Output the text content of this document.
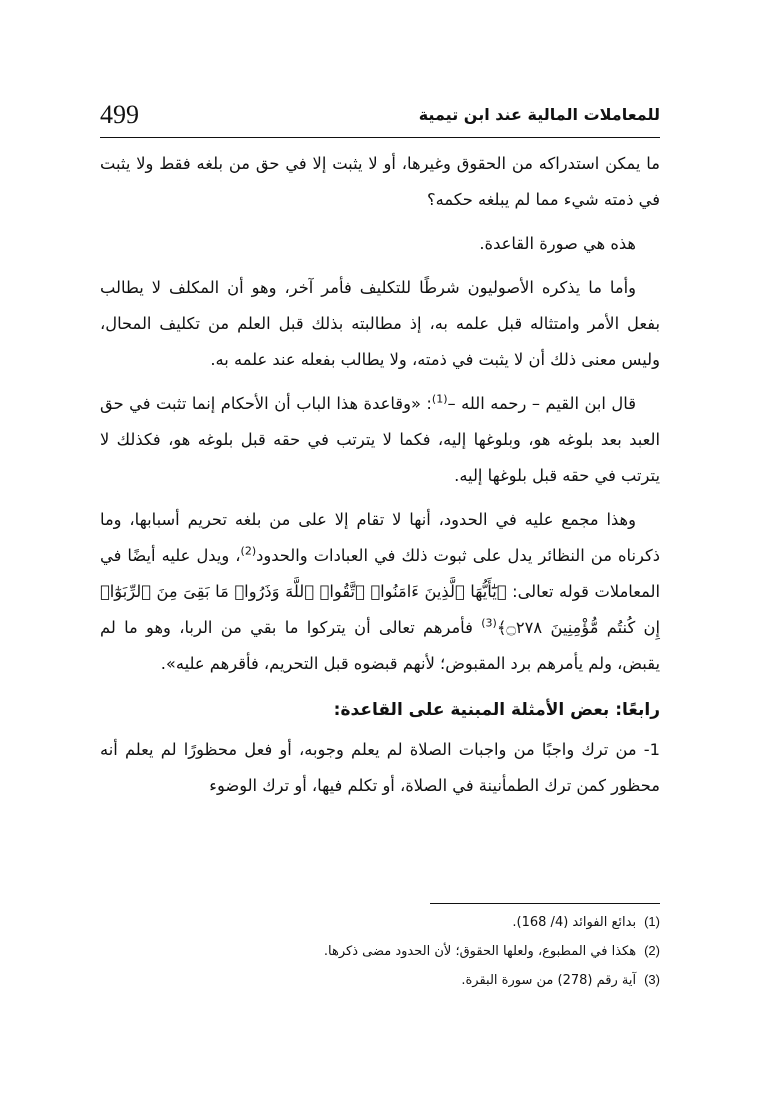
499	للمعاملات المالية عند ابن تيمية

ما يمكن استدراكه من الحقوق وغيرها، أو لا يثبت إلا في حق من بلغه فقط ولا يثبت في ذمته شيء مما لم يبلغه حكمه؟

هذه هي صورة القاعدة.

وأما ما يذكره الأصوليون شرطًا للتكليف فأمر آخر، وهو أن المكلف لا يطالب بفعل الأمر وامتثاله قبل علمه به، إذ مطالبته بذلك قبل العلم من تكليف المحال، وليس معنى ذلك أن لا يثبت في ذمته، ولا يطالب بفعله عند علمه به.

قال ابن القيم – رحمه الله –$^{(1)}$: «وقاعدة هذا الباب أن الأحكام إنما تثبت في حق العبد بعد بلوغه هو، وبلوغها إليه، فكما لا يترتب في حقه قبل بلوغه هو، فكذلك لا يترتب في حقه قبل بلوغها إليه.

وهذا مجمع عليه في الحدود، أنها لا تقام إلا على من بلغه تحريم أسبابها، وما ذكرناه من النظائر يدل على ثبوت ذلك في العبادات والحدود$^{(2)}$، ويدل عليه أيضًا في المعاملات قوله تعالى: ﴿يَٰٓأَيُّهَا ٱلَّذِينَ ءَامَنُوا۟ ٱتَّقُوا۟ ٱللَّهَ وَذَرُوا۟ مَا بَقِىَ مِنَ ٱلرِّبَوٰٓا۟ إِن كُنتُم مُّؤْمِنِينَ ۝٢٧٨﴾$^{(3)}$ فأمرهم تعالى أن يتركوا ما بقي من الربا، وهو ما لم يقبض، ولم يأمرهم برد المقبوض؛ لأنهم قبضوه قبل التحريم، فأقرهم عليه».

رابعًا: بعض الأمثلة المبنية على القاعدة:

1- من ترك واجبًا من واجبات الصلاة لم يعلم وجوبه، أو فعل محظورًا لم يعلم أنه محظور كمن ترك الطمأنينة في الصلاة، أو تكلم فيها، أو ترك الوضوء

(1)بدائع الفوائد (4/ 168).

(2)هكذا في المطبوع، ولعلها الحقوق؛ لأن الحدود مضى ذكرها.

(3)آية رقم (278) من سورة البقرة.
